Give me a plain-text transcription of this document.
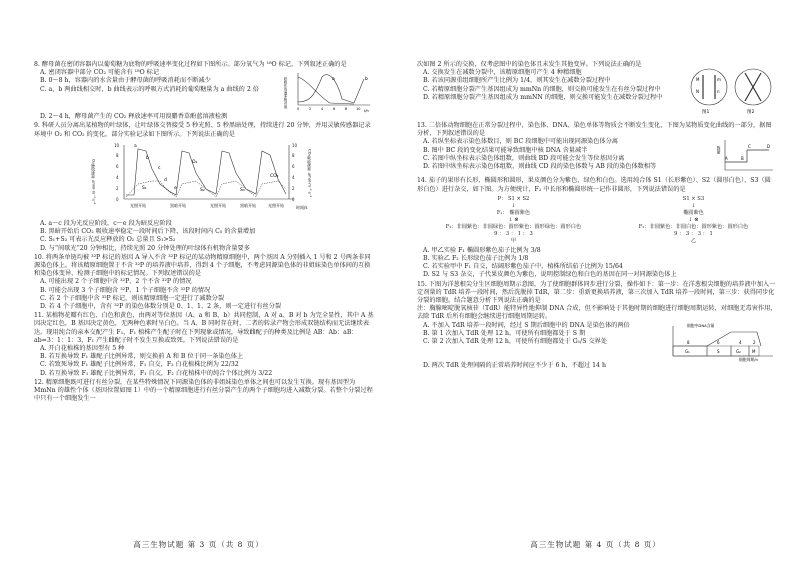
8. 酵母菌在密闭容器内以葡萄糖为底物的呼吸速率变化过程如下图所示。部分氧气为 ¹⁸O 标记，下列叙述正确的是

A. 密闭容器中部分 CO₂ 可能含有 ¹⁸O 标记

B. 0～8 h，容器内的水含量由于酵母菌的呼吸消耗而不断减少

C. a、b 两曲线相交时，b 曲线表示的呼吸方式消耗的葡萄糖量为 a 曲线的 2 倍

a	b
呼吸作用速率相对值
0	2	4	6	8	10 t/h

D. 2～4 h，酵母菌产生的 CO₂ 释放速率可用溴麝香草酚蓝溶液检测

9. 科研人员分离出某植物的叶绿体，让叶绿体交替接受 5 秒光照、5 秒黑暗处理，持续进行 20 分钟，并用灵敏传感器记录环境中 O₂ 和 CO₂ 的变化，部分实验记录如下图所示。下列说法正确的是

0
2
4
6
8
10
0
2
4
6
8
10
O₂释放速率 μmol·m⁻²·s⁻¹	CO₂吸收速率 μmol·m⁻²·s⁻¹
a
b
c
d
e
O₂
CO₂
S₁	S₂	S₃
光照开始	黑暗开始	光照开始	黑暗开始	光照开始	时间/s

A. a～c 段为光反应阶段，c～e 段为暗反应阶段

B. 黑暗开始后 CO₂ 吸收速率稳定一段时间后下降，该段时间内 C₅ 的含量增加

C. S₁+S₃ 可表示光反应释放的 O₂ 总量且 S₁>S₂

D. 与“间歇光”20 分钟相比，持续光照 20 分钟处理的叶绿体有机物含量要多

10. 将两条单链均被 ³²P 标记的基因 A 导入不含 ³²P 标记的某动物精原细胞中，两个基因 A 分别插入 1 号和 2 号两条非同源染色体上。将该精原细胞置于不含 ³²P 的培养液中培养，得到 4 个子细胞，不考虑同源染色体的非姐妹染色单体间的互换和染色体变异，检测子细胞中的标记情况。下列叙述错误的是

A. 可能出现 2 个子细胞中含 ³²P、2 个不含 ³²P 的情况

B. 可能会出现 3 个子细胞含 ³²P、1 个子细胞不含 ³²P 的情况

C. 若 2 个子细胞中含 ³²P 标记，则该精原细胞一定进行了减数分裂

D. 若 4 个子细胞中，含有 ³²P 的染色体数分别是 0、1、1、2 条，则一定进行有丝分裂

11. 某植物花瓣有红色、白色和黄色，由两对等位基因（A、a 和 B、b）共同控制，A 对 a、B 对 b 为完全显性，其中 A 基因决定红色，B 基因决定黄色，无两种色素时呈白色。当 A、B 同时存在时，二者的转录产物会形成双链结构而无法继续表达。现用纯合的亲本交配产生 F₁，F₁ 植株产生配子时在下列现象或情况，导致雌配子的种类及比例是 AB：Ab：aB：ab=3：1：1：3，F₁ 产生雌配子时不发生互换或致死。下列说法错误的是

A. 开白花植株的基因型有 5 种

B. 若互换导致 F₁ 雄配子比例异常，则交换前 A 和 B 位于同一条染色体上

C. 若致死导致 F₁ 雄配子比例异常，F₁ 自交，F₂ 白花植株比例为 22/32

D. 若互换导致 F₁ 雄配子比例异常，F₁ 自交，F₂ 白花植株中的纯合个体比例为 3/22

12. 精原细胞既可进行有丝分裂，在某些特殊情况下同源染色体的非姐妹染色单体之间也可以发生互换。现有基因型为 MmNn 的雄性个体（基因位置如图 1）中的一个精原细胞进行有丝分裂产生的两个子细胞均进入减数分裂。若整个分裂过程中只有一个细胞发生一

高三生物试题 第 3 页（共 8 页）

次如图 2 所示的交换，仅考虑图中的染色体且未发生其他变异。下列说法正确的是

A. 交换发生在减数分裂中，该精原细胞可产生 4 种精细胞

B. 若该同源重组细胞所产生比例为 1/4，则其发生在减数分裂过程中

C. 若精原细胞分裂产生基因组成为 mmNn 的细胞，则交换可能发生在有丝分裂过程中

D. 若精原细胞分裂产生基因组成为 mmNN 的细胞，则交换可能发生在减数分裂过程中

M
N
m
n
图1	图2

13. 二倍体动物细胞在正常分裂过程中，染色体、DNA、染色单体等物质会不断发生变化，下图为某物质变化曲线的一部分，据图分析，下列叙述错误的是

A. 若纵坐标表示染色体数目，则 BC 段细胞中可能出现同源染色体分离

B. 图中 BC 段的变化结果可能导致细胞中核 DNA 含量减半

C. 若图中纵坐标表示染色体组数，则曲线 BD 段可能会发生等位基因分离

D. 若图中纵坐标表示染色体组数，则曲线 CD 段的染色体数与 AB 段的染色体数相等

数量
A	B
C	D

14. 茄子的果形有长形、椭圆形和圆形，果皮颜色分为紫色、绿色和白色。选用纯合体 S1（长形紫色）、S2（圆形白色）、S3（圆形白色）进行杂交，如下图。为方便统计，F₂ 中长形和椭圆形统一记作非圆形，下列说法错误的是

P： S1 × S2
↓
F₁： 椭圆紫色
↓ ⊗
F₂：非圆紫色：非圆绿色：圆形紫色：圆形绿色：圆形白色
9 ： 3 ： 1 ： 3
甲
S1 × S3
↓
椭圆紫色
↓ ⊗
F₂：非圆紫色：非圆白色：圆形紫色：圆形白色
9 ： 3 ： 3 ： 1
乙

A. 甲乙实验 F₁ 椭圆形紫色茄子比例为 3/8

B. 实验乙 F₂ 长形绿色茄子比例为 1/8

C. 若实验甲中 F₁ 自交，结阔形紫色茄子中，植株所结茄子比例为 15/64

D. S2 与 S3 杂交，子代果皮颜色为紫色，说明控制绿色和白色的基因在同一对同源染色体上

15. 下图为洋葱根尖分生区细胞周期示意图，为了使细胞群体同步进行分裂，操作如下：第一步：在洋葱根尖细胞的培养液中加入一定剂量的 TdR 培养一段时间，然后洗脱掉 TdR，第二步：重新更换培养液，第三次加入 TdR 培养一段时间，第三步：获得同步化分裂的细胞。结合题意分析下列说法正确的是

注：胸腺嘧啶脱氧核苷（TdR）能特异性地抑制 DNA 合成，但不影响处于其他时期的细胞进行细胞周期运转，对细胞无毒害作用，去除 TdR 后所有细胞会继续进行细胞周期运转。

A. 不加入 TdR 培养一段时间，经过 S 期后细胞中的 DNA 是染色体的两倍

B. 第 1 次加入 TdR 处理 12 h，可使所有细胞都处于 S 期

C. 第 2 次加入 TdR 处理 12 h，可使所有细胞都处于 G₁/S 交界处

细胞中DNA含量
G₁	S	G₂	M
8	6	4	2
细胞周期/h

D. 两次 TdR 处理间隔的正常培养时间应不少于 6 h，不超过 14 h

高三生物试题 第 4 页（共 8 页）
